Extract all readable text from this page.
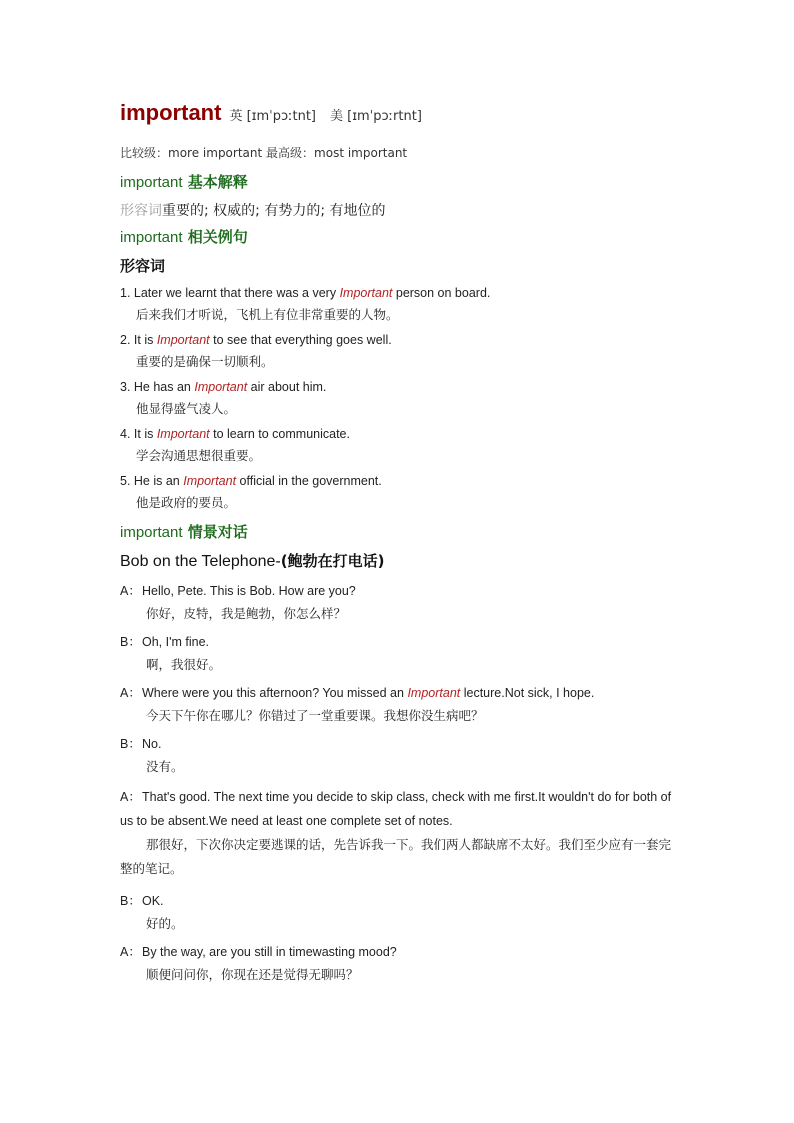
important 英 [ɪmˈpɔːtnt] 美 [ɪmˈpɔːrtnt]
比较级：more important 最高级：most important
important 基本解释
形容词重要的; 权威的; 有势力的; 有地位的
important 相关例句
形容词
1. Later we learnt that there was a very Important person on board.
后来我们才听说，飞机上有位非常重要的人物。
2. It is Important to see that everything goes well.
重要的是确保一切顺利。
3. He has an Important air about him.
他显得盛气凌人。
4. It is Important to learn to communicate.
学会沟通思想很重要。
5. He is an Important official in the government.
他是政府的要员。
important 情景对话
Bob on the Telephone-(鲍勃在打电话)
A：Hello, Pete. This is Bob. How are you?
你好，皮特，我是鲍勃，你怎么样？
B：Oh, I'm fine.
啊，我很好。
A：Where were you this afternoon? You missed an Important lecture.Not sick, I hope.
今天下午你在哪儿？你错过了一堂重要课。我想你没生病吧？
B：No.
没有。
A：That's good. The next time you decide to skip class, check with me first.It wouldn't do for both of us to be absent.We need at least one complete set of notes.
那很好，下次你决定要逃课的话，先告诉我一下。我们两人都缺席不太好。我们至少应有一套完整的笔记。
B：OK.
好的。
A：By the way, are you still in timewasting mood?
顺便问问你，你现在还是觉得无聊吗？
